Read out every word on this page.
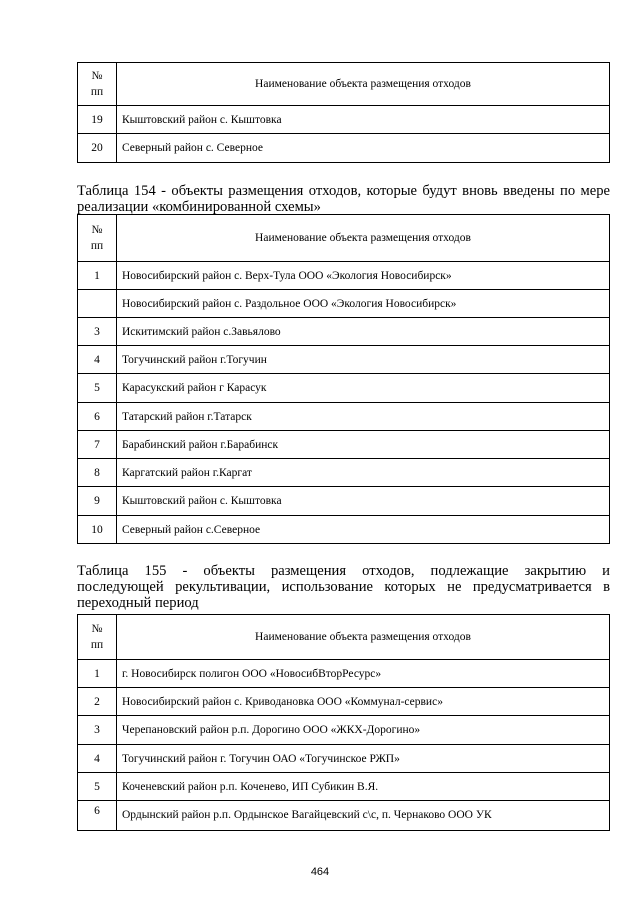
№
пп	Наименование объекта размещения отходов
19	Кыштовский район с. Кыштовка
20	Северный район с. Северное
Таблица 154 - объекты размещения отходов, которые будут вновь введены по мере реализации «комбинированной схемы»
№
пп	Наименование объекта размещения отходов
1	Новосибирский район с. Верх-Тула ООО «Экология Новосибирск»
	Новосибирский район с. Раздольное ООО «Экология Новосибирск»
3	Искитимский район с.Завьялово
4	Тогучинский район г.Тогучин
5	Карасукский район г Карасук
6	Татарский район г.Татарск
7	Барабинский район г.Барабинск
8	Каргатский район г.Каргат
9	Кыштовский район с. Кыштовка
10	Северный район с.Северное
Таблица 155 - объекты размещения отходов, подлежащие закрытию и
последующей рекультивации, использование которых не предусматривается в
переходный период
№
пп	Наименование объекта размещения отходов
1	г. Новосибирск полигон ООО «НовосибВторРесурс»
2	Новосибирский район с. Криводановка ООО «Коммунал-сервис»
3	Черепановский район р.п. Дорогино ООО «ЖКХ-Дорогино»
4	Тогучинский район г. Тогучин ОАО «Тогучинское РЖП»
5	Коченевский район р.п. Коченево, ИП Субикин В.Я.
6	Ордынский район р.п. Ордынское Вагайцевский с\с, п. Чернаково ООО УК
464
